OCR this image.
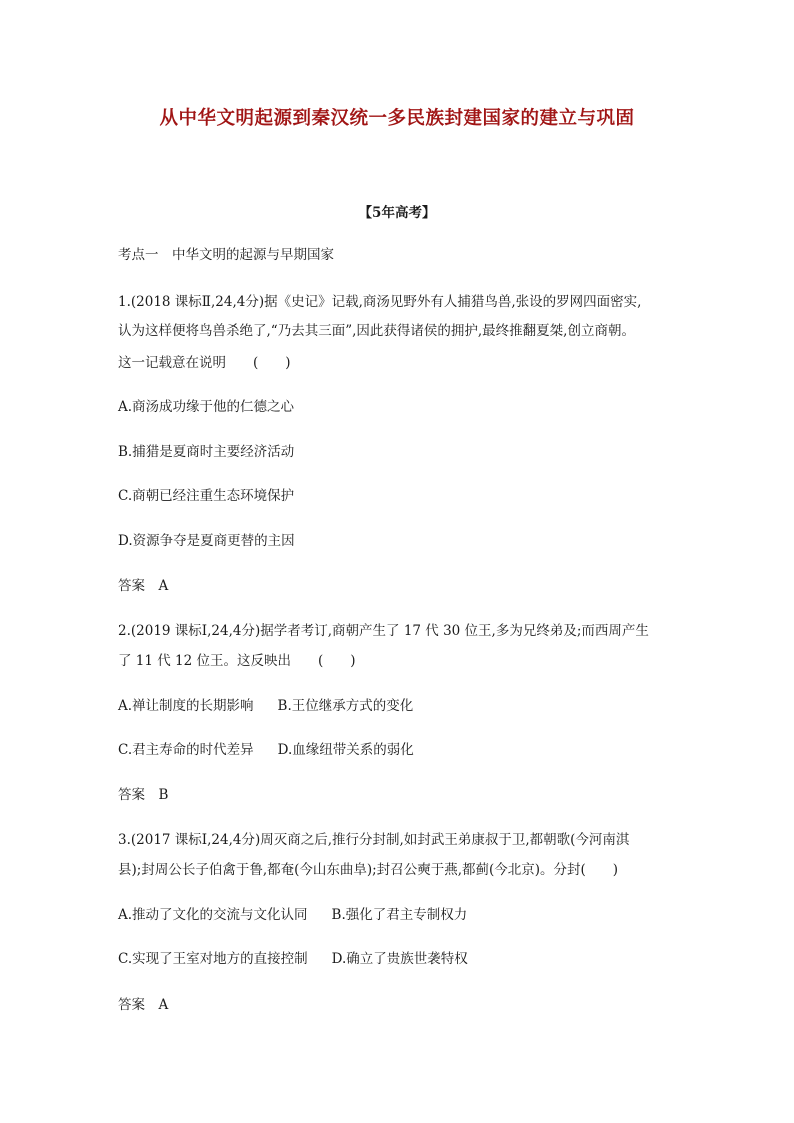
从中华文明起源到秦汉统一多民族封建国家的建立与巩固
【5年高考】
考点一　中华文明的起源与早期国家
1.(2018 课标Ⅱ,24,4分)据《史记》记载,商汤见野外有人捕猎鸟兽,张设的罗网四面密实,
认为这样便将鸟兽杀绝了,“乃去其三面”,因此获得诸侯的拥护,最终推翻夏桀,创立商朝。
这一记载意在说明　　(　　)
A.商汤成功缘于他的仁德之心
B.捕猎是夏商时主要经济活动
C.商朝已经注重生态环境保护
D.资源争夺是夏商更替的主因
答案　A
2.(2019 课标Ⅰ,24,4分)据学者考订,商朝产生了 17 代 30 位王,多为兄终弟及;而西周产生
了 11 代 12 位王。这反映出　　(　　)
A.禅让制度的长期影响 B.王位继承方式的变化
C.君主寿命的时代差异 D.血缘纽带关系的弱化
答案　B
3.(2017 课标Ⅰ,24,4分)周灭商之后,推行分封制,如封武王弟康叔于卫,都朝歌(今河南淇
县);封周公长子伯禽于鲁,都奄(今山东曲阜);封召公奭于燕,都蓟(今北京)。分封(　　)
A.推动了文化的交流与文化认同 B.强化了君主专制权力
C.实现了王室对地方的直接控制 D.确立了贵族世袭特权
答案　A
